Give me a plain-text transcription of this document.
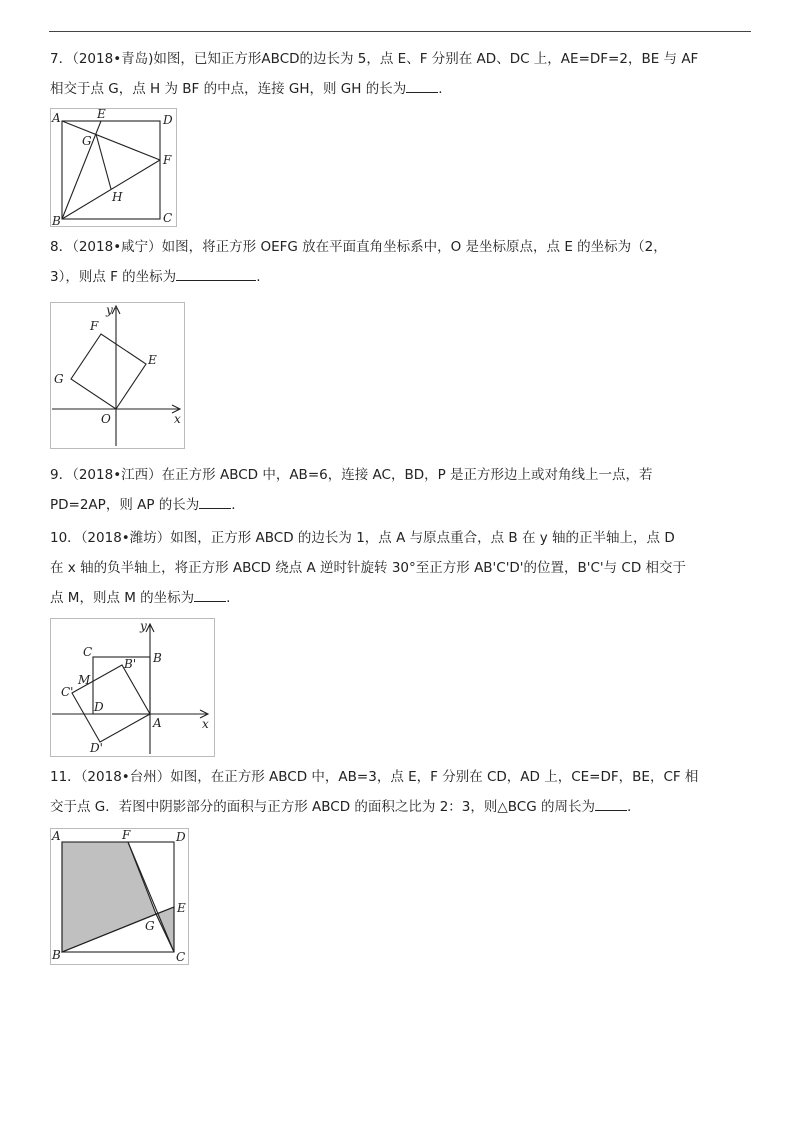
7．（2018•青岛)如图，已知正方形ABCD的边长为 5，点 E、F 分别在 AD、DC 上，AE=DF=2，BE 与 AF
相交于点 G，点 H 为 BF 的中点，连接 GH，则 GH 的长为 .
A	E	D
G
F
H
B	C
8．（2018•咸宁）如图，将正方形 OEFG 放在平面直角坐标系中，O 是坐标原点，点 E 的坐标为（2，
3），则点 F 的坐标为	.
y
F
E
G
O	x
9．（2018•江西）在正方形 ABCD 中，AB=6，连接 AC，BD，P 是正方形边上或对角线上一点，若
PD=2AP，则 AP 的长为 .
10．（2018•潍坊）如图，正方形 ABCD 的边长为 1，点 A 与原点重合，点 B 在 y 轴的正半轴上，点 D
在 x 轴的负半轴上，将正方形 ABCD 绕点 A 逆时针旋转 30°至正方形 AB'C'D'的位置，B'C'与 CD 相交于
点 M，则点 M 的坐标为 .
y
C
B' B
M
C'
D
A	x
D'
11．（2018•台州）如图，在正方形 ABCD 中，AB=3，点 E，F 分别在 CD，AD 上，CE=DF，BE，CF 相
交于点 G．若图中阴影部分的面积与正方形 ABCD 的面积之比为 2：3，则△BCG 的周长为 .
A	F	D
E
G
B	C
